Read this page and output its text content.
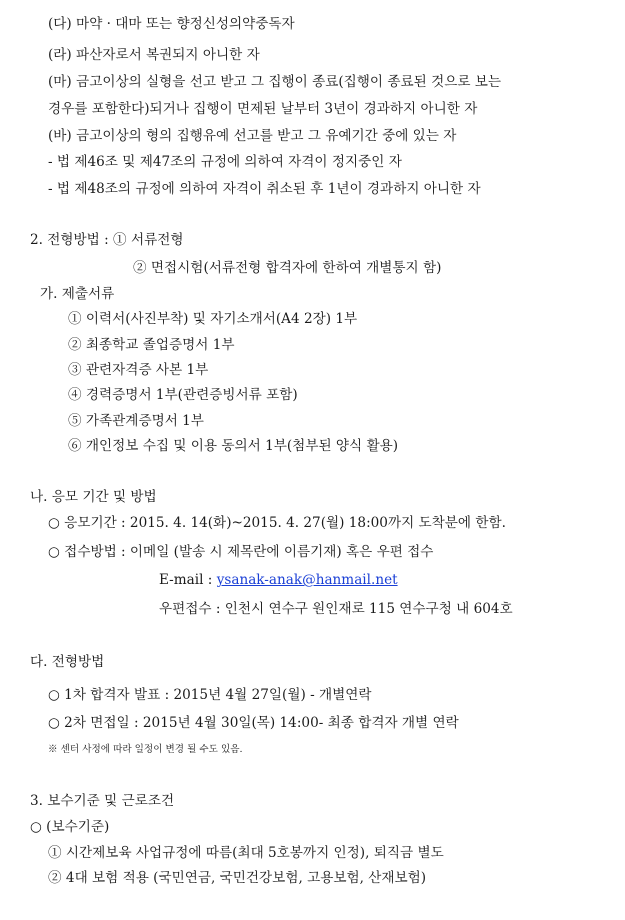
(다) 마약 · 대마 또는 향정신성의약중독자
(라) 파산자로서 복권되지 아니한 자
(마) 금고이상의 실형을 선고 받고 그 집행이 종료(집행이 종료된 것으로 보는
경우를 포함한다)되거나 집행이 면제된 날부터 3년이 경과하지 아니한 자
(바) 금고이상의 형의 집행유예 선고를 받고 그 유예기간 중에 있는 자
- 법 제46조 및 제47조의 규정에 의하여 자격이 정지중인 자
- 법 제48조의 규정에 의하여 자격이 취소된 후 1년이 경과하지 아니한 자
2. 전형방법 : ① 서류전형
② 면접시험(서류전형 합격자에 한하여 개별통지 함)
가. 제출서류
① 이력서(사진부착) 및 자기소개서(A4 2장) 1부
② 최종학교 졸업증명서 1부
③ 관련자격증 사본 1부
④ 경력증명서 1부(관련증빙서류 포함)
⑤ 가족관계증명서 1부
⑥ 개인정보 수집 및 이용 동의서 1부(첨부된 양식 활용)
나. 응모 기간 및 방법
○ 응모기간 : 2015. 4. 14(화)~2015. 4. 27(월) 18:00까지 도착분에 한함.
○ 접수방법 : 이메일 (발송 시 제목란에 이름기재) 혹은 우편 접수
E-mail : ysanak-anak@hanmail.net
우편접수 : 인천시 연수구 원인재로 115 연수구청 내 604호
다. 전형방법
○ 1차 합격자 발표 : 2015년 4월 27일(월) - 개별연락
○ 2차 면접일 : 2015년 4월 30일(목) 14:00- 최종 합격자 개별 연락
※ 센터 사정에 따라 일정이 변경 될 수도 있음.
3. 보수기준 및 근로조건
○ (보수기준)
① 시간제보육 사업규정에 따름(최대 5호봉까지 인정), 퇴직금 별도
② 4대 보험 적용 (국민연금, 국민건강보험, 고용보험, 산재보험)
